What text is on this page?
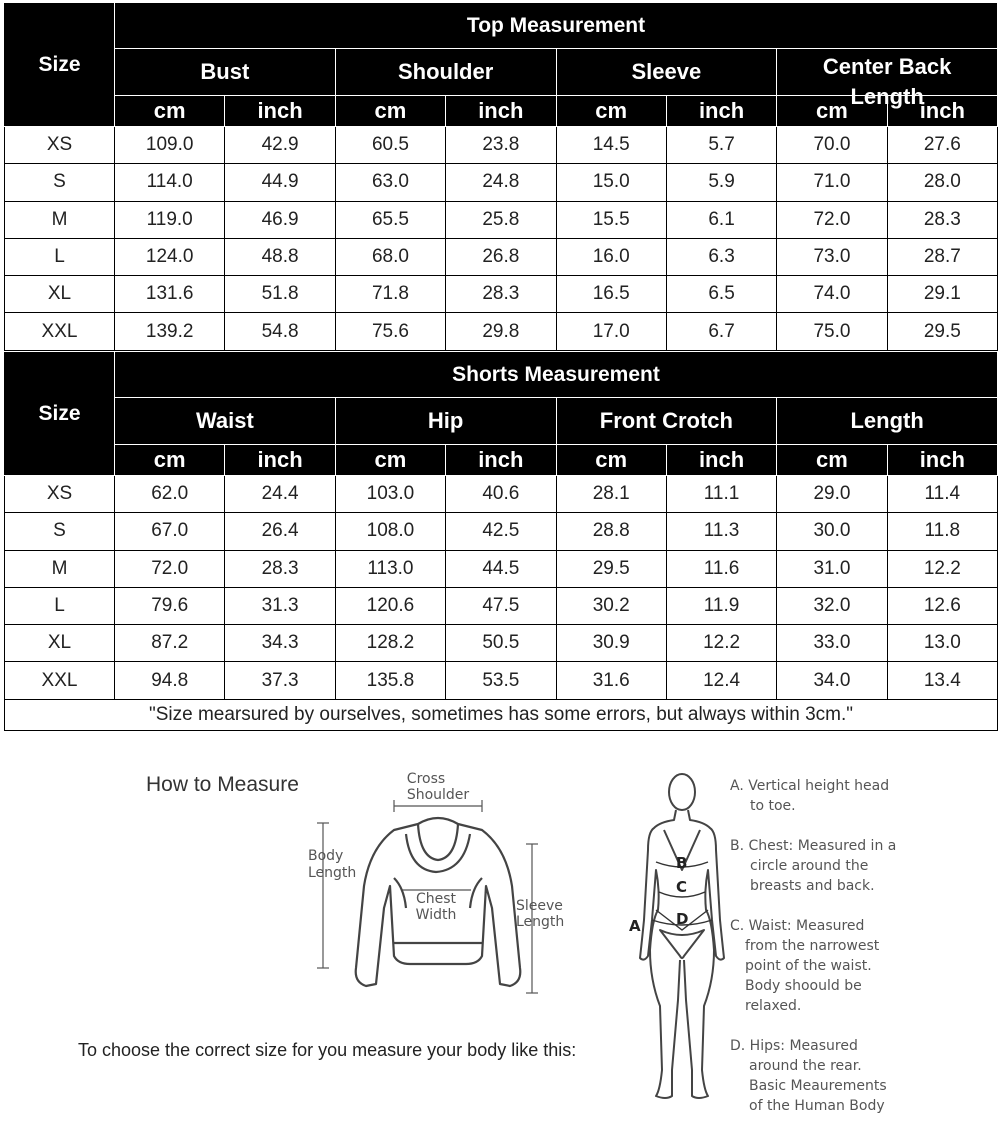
Size	Top Measurement							
	Bust		Shoulder		Sleeve		Center Back Length	

	cm	inch	cm	inch	cm	inch	cm	inch
XS	109.0	42.9	60.5	23.8	14.5	5.7	70.0	27.6
S	114.0	44.9	63.0	24.8	15.0	5.9	71.0	28.0
M	119.0	46.9	65.5	25.8	15.5	6.1	72.0	28.3
L	124.0	48.8	68.0	26.8	16.0	6.3	73.0	28.7
XL	131.6	51.8	71.8	28.3	16.5	6.5	74.0	29.1
XXL	139.2	54.8	75.6	29.8	17.0	6.7	75.0	29.5
Size	Shorts Measurement							
	Waist		Hip		Front Crotch		Length	
	cm	inch	cm	inch	cm	inch	cm	inch
XS	62.0	24.4	103.0	40.6	28.1	11.1	29.0	11.4
S	67.0	26.4	108.0	42.5	28.8	11.3	30.0	11.8
M	72.0	28.3	113.0	44.5	29.5	11.6	31.0	12.2
L	79.6	31.3	120.6	47.5	30.2	11.9	32.0	12.6
XL	87.2	34.3	128.2	50.5	30.9	12.2	33.0	13.0
XXL	94.8	37.3	135.8	53.5	31.6	12.4	34.0	13.4
"Size mearsured by ourselves, sometimes has some errors, but always within 3cm."								
How to Measure	Cross
Shoulder
Body
Length
Chest
Width
Sleeve
Length
To choose the correct size for you measure your body like this:
B
C
D
A
A. Vertical height head
to toe.
B. Chest: Measured in a
circle around the
breasts and back.
C. Waist: Measured
from the narrowest
point of the waist.
Body shoould be
relaxed.
D. Hips: Measured
around the rear.
Basic Meaurements
of the Human Body
